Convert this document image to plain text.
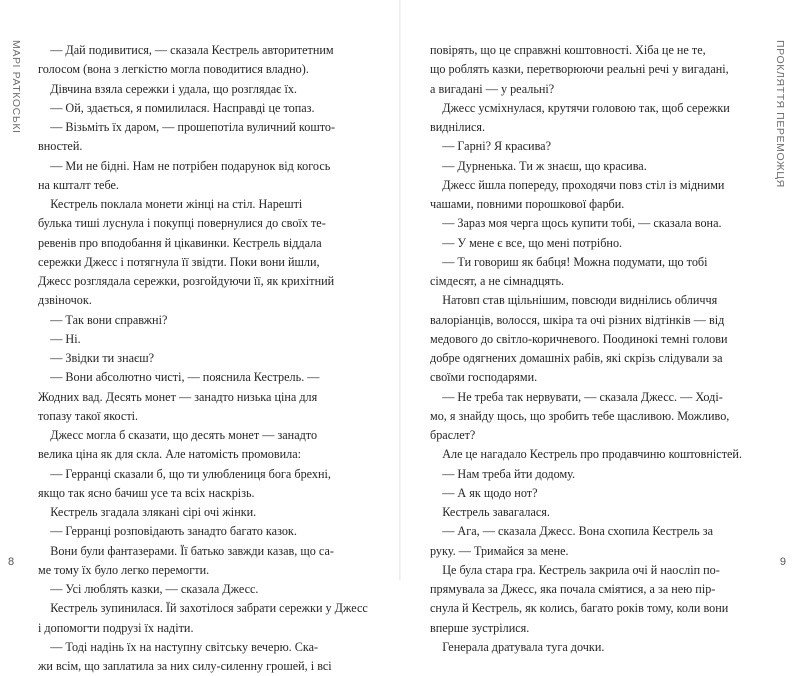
МАРІ РАТКОСЬКІ	ПРОКЛЯТТЯ ПЕРЕМОЖЦЯ

— Дай подивитися, — сказала Кестрель авторитетним

голосом (вона з легкістю могла поводитися владно).

Дівчина взяла сережки і удала, що розглядає їх.

— Ой, здається, я помилилася. Насправді це топаз.

— Візьміть їх даром, — прошепотіла вуличний кошто-

вностей.

— Ми не бідні. Нам не потрібен подарунок від когось

на кшталт тебе.

Кестрель поклала монети жінці на стіл. Нарешті

булька тиші луснула і покупці повернулися до своїх те-

ревенів про вподобання й цікавинки. Кестрель віддала

сережки Джесс і потягнула її звідти. Поки вони йшли,

Джесс розглядала сережки, розгойдуючи її, як крихітний

дзвіночок.

— Так вони справжні?

— Ні.

— Звідки ти знаєш?

— Вони абсолютно чисті, — пояснила Кестрель. —

Жодних вад. Десять монет — занадто низька ціна для

топазу такої якості.

Джесс могла б сказати, що десять монет — занадто

велика ціна як для скла. Але натомість промовила:

— Герранці сказали б, що ти улюблениця бога брехні,

якщо так ясно бачиш усе та всіх наскрізь.

Кестрель згадала злякані сірі очі жінки.

— Герранці розповідають занадто багато казок.

Вони були фантазерами. Її батько завжди казав, що са-

ме тому їх було легко перемогти.

— Усі люблять казки, — сказала Джесс.

Кестрель зупинилася. Їй захотілося забрати сережки у Джесс

і допомогти подрузі їх надіти.

— Тоді надінь їх на наступну світську вечерю. Ска-

жи всім, що заплатила за них силу-силенну грошей, і всі

повірять, що це справжні коштовності. Хіба це не те,

що роблять казки, перетворюючи реальні речі у вигадані,

а вигадані — у реальні?

Джесс усміхнулася, крутячи головою так, щоб сережки

виднілися.

— Гарні? Я красива?

— Дурненька. Ти ж знаєш, що красива.

Джесс йшла попереду, проходячи повз стіл із мідними

чашами, повними порошкової фарби.

— Зараз моя черга щось купити тобі, — сказала вона.

— У мене є все, що мені потрібно.

— Ти говориш як бабця! Можна подумати, що тобі

сімдесят, а не сімнадцять.

Натовп став щільнішим, повсюди виднілись обличчя

валоріанців, волосся, шкіра та очі різних відтінків — від

медового до світло-коричневого. Поодинокі темні голови

добре одягнених домашніх рабів, які скрізь слідували за

своїми господарями.

— Не треба так нервувати, — сказала Джесс. — Ході-

мо, я знайду щось, що зробить тебе щасливою. Можливо,

браслет?

Але це нагадало Кестрель про продавчиню коштовністей.

— Нам треба йти додому.

— А як щодо нот?

Кестрель завагалася.

— Ага, — сказала Джесс. Вона схопила Кестрель за

руку. — Тримайся за мене.

Це була стара гра. Кестрель закрила очі й наосліп по-

прямувала за Джесс, яка почала сміятися, а за нею пір-

снула й Кестрель, як колись, багато років тому, коли вони

вперше зустрілися.

Генерала дратувала туга дочки.

8	9
